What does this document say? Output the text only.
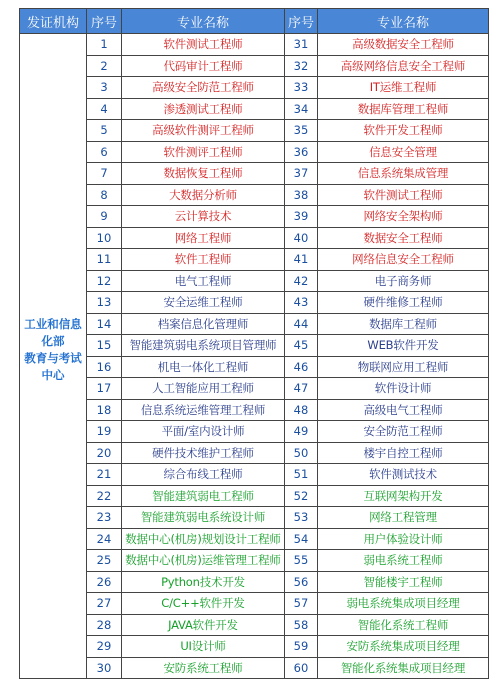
发证机构	序号	专业名称	序号	专业名称

工业和信息
化部
教育与考试
中心	1	软件测试工程师	31	高级数据安全工程师
	2	代码审计工程师	32	高级网络信息安全工程师
	3	高级安全防范工程师	33	IT运维工程师
	4	渗透测试工程师	34	数据库管理工程师
	5	高级软件测评工程师	35	软件开发工程师
	6	软件测评工程师	36	信息安全管理
	7	数据恢复工程师	37	信息系统集成管理
	8	大数据分析师	38	软件测试工程师
	9	云计算技术	39	网络安全架构师
	10	网络工程师	40	数据安全工程师
	11	软件工程师	41	网络信息安全工程师
	12	电气工程师	42	电子商务师
	13	安全运维工程师	43	硬件维修工程师
	14	档案信息化管理师	44	数据库工程师
	15	智能建筑弱电系统项目管理师	45	WEB软件开发
	16	机电一体化工程师	46	物联网应用工程师
	17	人工智能应用工程师	47	软件设计师
	18	信息系统运维管理工程师	48	高级电气工程师
	19	平面/室内设计师	49	安全防范工程师
	20	硬件技术维护工程师	50	楼宇自控工程师
	21	综合布线工程师	51	软件测试技术
	22	智能建筑弱电工程师	52	互联网架构开发
	23	智能建筑弱电系统设计师	53	网络工程管理
	24	数据中心(机房)规划设计工程师	54	用户体验设计师
	25	数据中心(机房)运维管理工程师	55	弱电系统工程师
	26	Python技术开发	56	智能楼宇工程师
	27	C/C++软件开发	57	弱电系统集成项目经理
	28	JAVA软件开发	58	智能化系统工程师
	29	UI设计师	59	安防系统集成项目经理
	30	安防系统工程师	60	智能化系统集成项目经理
